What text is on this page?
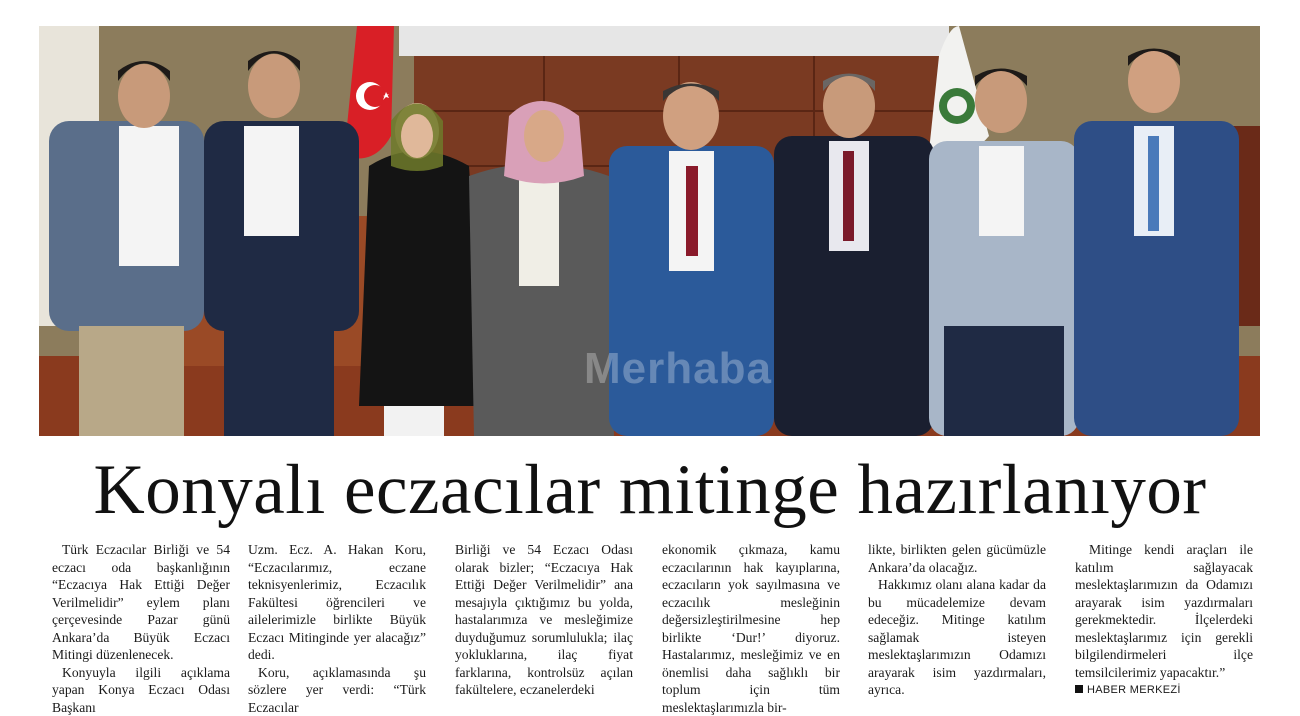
Merhaba
Konyalı eczacılar mitinge hazırlanıyor

Türk Eczacılar Birliği ve 54 eczacı oda başkanlığının “Eczacıya Hak Ettiği Değer Verilmelidir” eylem planı çerçevesinde Pazar günü Ankara’da Büyük Eczacı Mitingi düzenlenecek.

Konyuyla ilgili açıklama yapan Konya Eczacı Odası Başkanı

Uzm. Ecz. A. Hakan Koru, “Eczacılarımız, eczane teknisyenlerimiz, Eczacılık Fakültesi öğrencileri ve ailelerimizle birlikte Büyük Eczacı Mitinginde yer alacağız” dedi.

Koru, açıklamasında şu sözlere yer verdi: “Türk Eczacılar

Birliği ve 54 Eczacı Odası olarak bizler; “Eczacıya Hak Ettiği Değer Verilmelidir” ana mesajıyla çıktığımız bu yolda, hastalarımıza ve mesleğimize duyduğumuz sorumlulukla; ilaç yokluklarına, ilaç fiyat farklarına, kontrolsüz açılan fakültelere, eczanelerdeki

ekonomik çıkmaza, kamu eczacılarının hak kayıplarına, eczacıların yok sayılmasına ve eczacılık mesleğinin değersizleştirilmesine hep birlikte ‘Dur!’ diyoruz. Hastalarımız, mesleğimiz ve en önemlisi daha sağlıklı bir toplum için tüm meslektaşlarımızla bir-

likte, birlikten gelen gücümüzle Ankara’da olacağız.

Hakkımız olanı alana kadar da bu mücadelemize devam edeceğiz. Mitinge katılım sağlamak isteyen meslektaşlarımızın Odamızı arayarak isim yazdırmaları, ayrıca.

Mitinge kendi araçları ile katılım sağlayacak meslektaşlarımızın da Odamızı arayarak isim yazdırmaları gerekmektedir. İlçelerdeki meslektaşlarımız için gerekli bilgilendirmeleri ilçe temsilcilerimiz yapacaktır.”

HABER MERKEZİ
